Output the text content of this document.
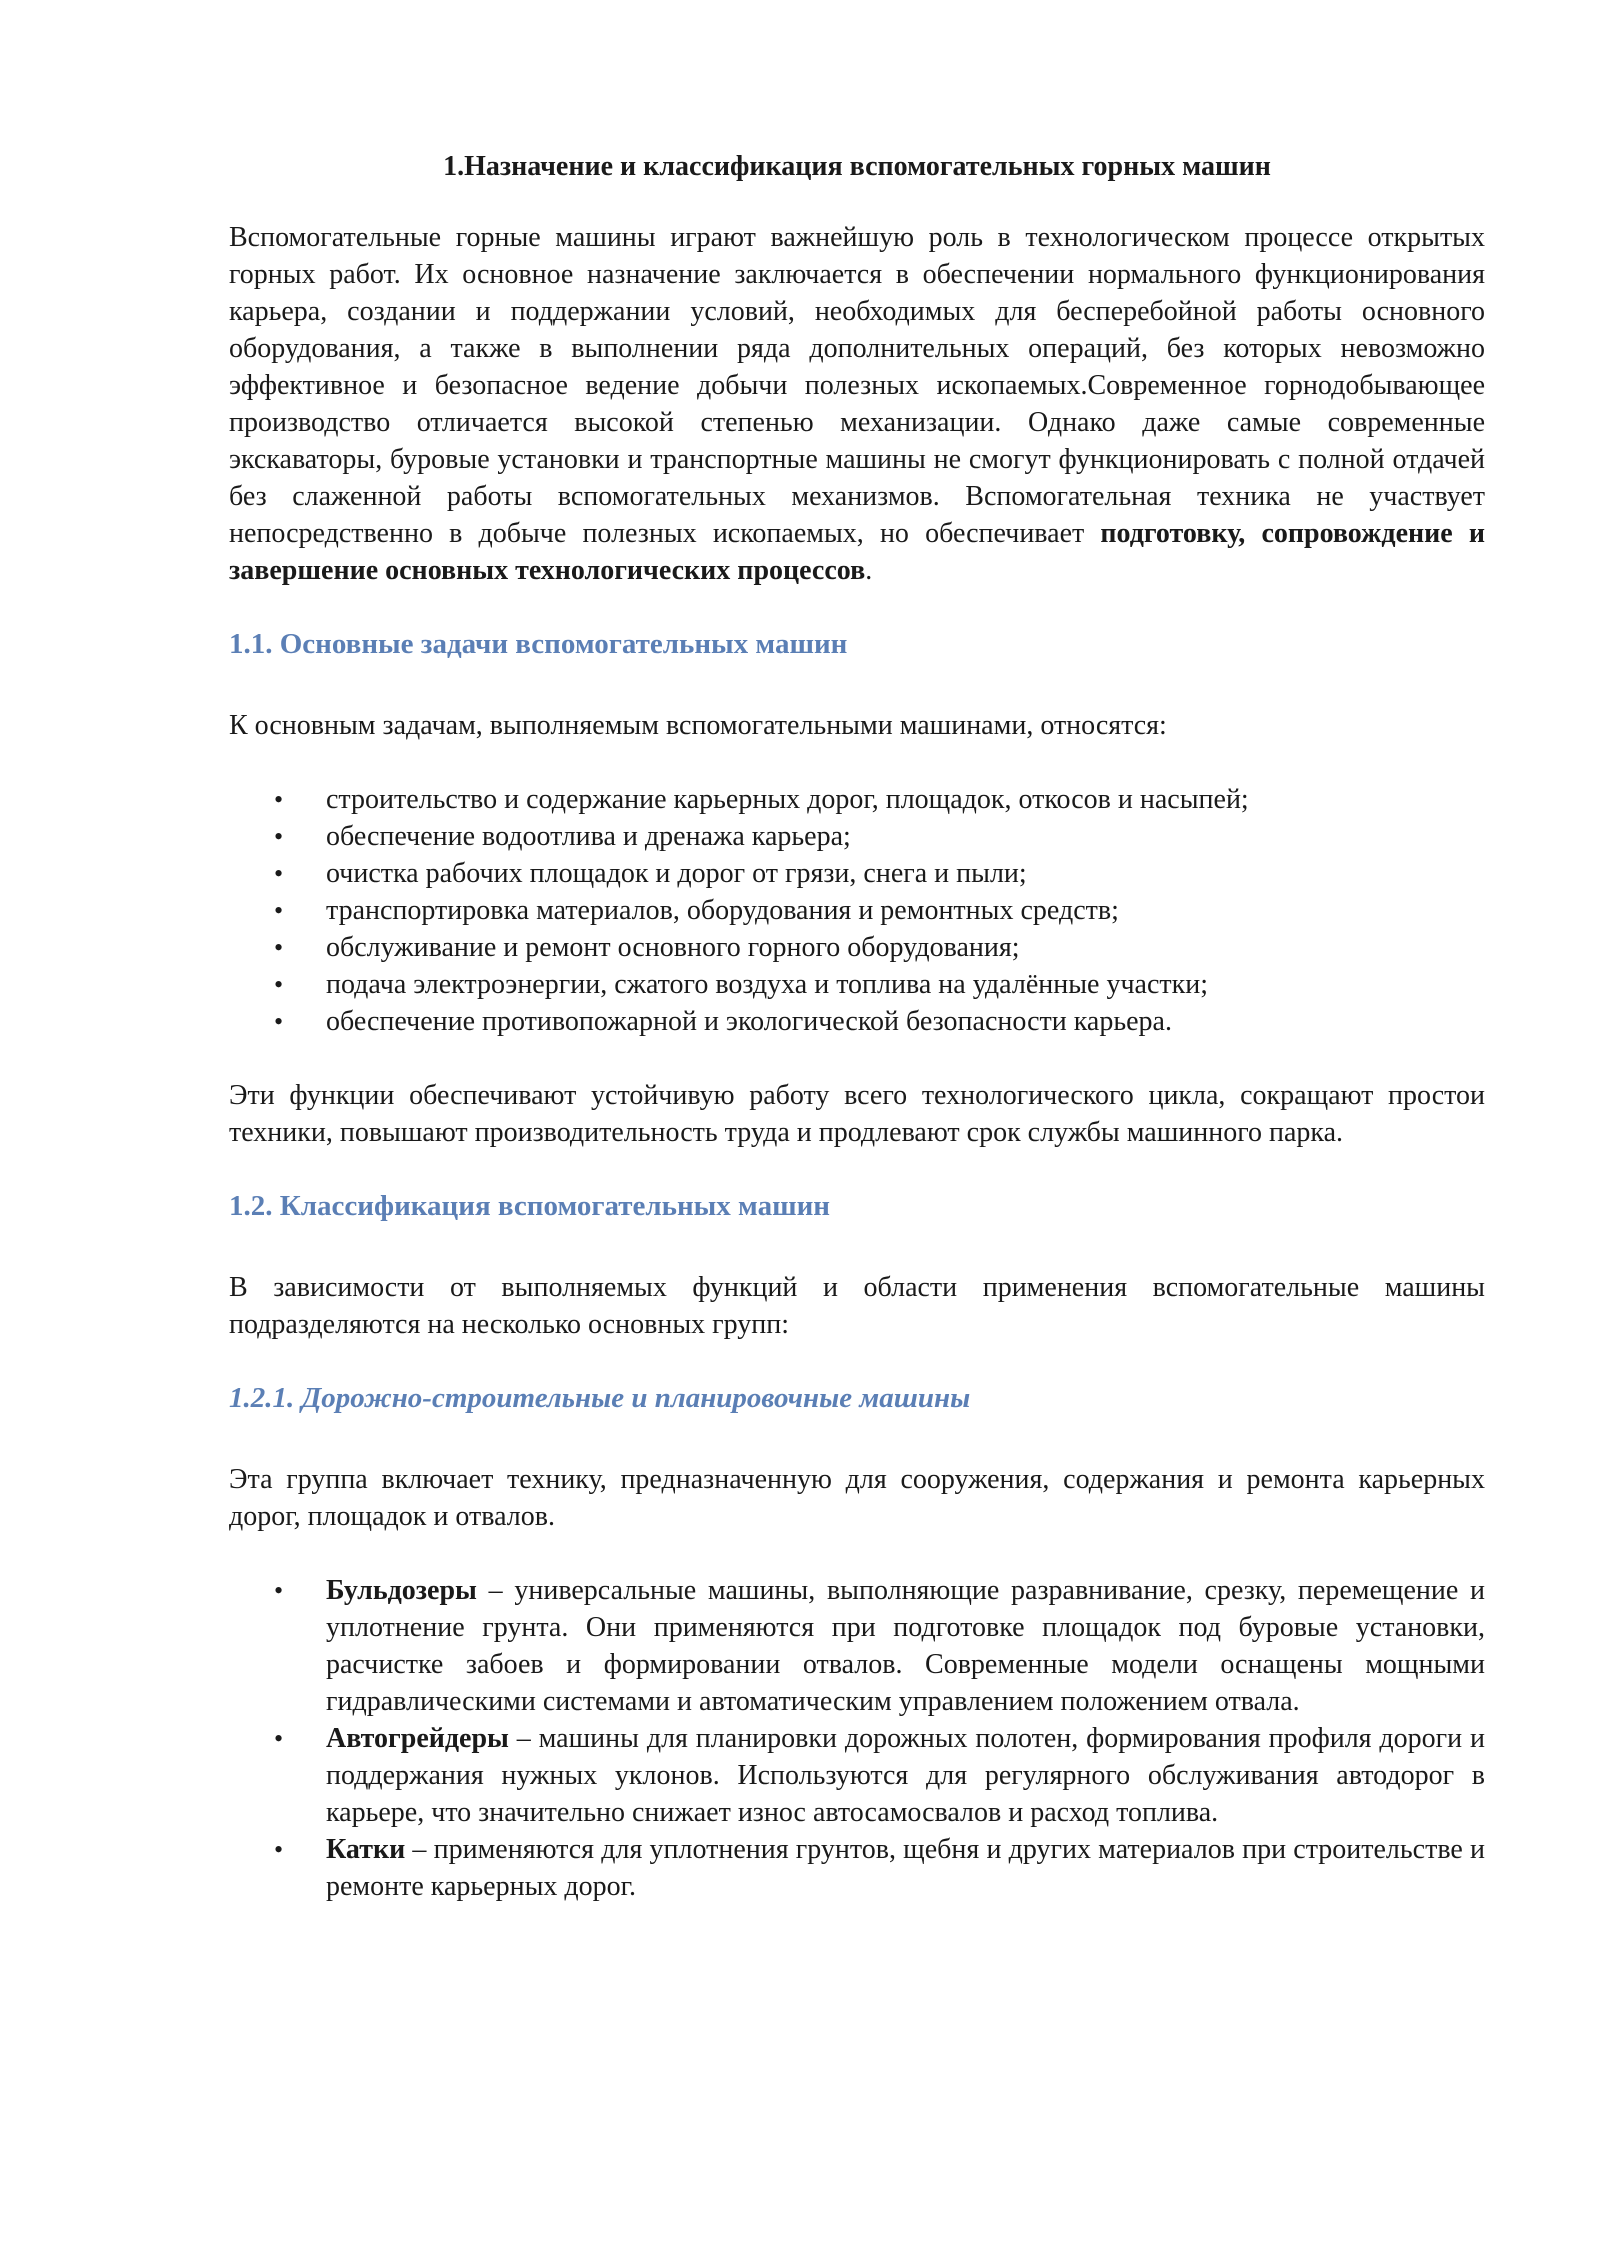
1.Назначение и классификация вспомогательных горных машин

Вспомогательные горные машины играют важнейшую роль в технологическом процессе открытых горных работ. Их основное назначение заключается в обеспечении нормального функционирования карьера, создании и поддержании условий, необходимых для бесперебойной работы основного оборудования, а также в выполнении ряда дополнительных операций, без которых невозможно эффективное и безопасное ведение добычи полезных ископаемых.Современное горнодобывающее производство отличается высокой степенью механизации. Однако даже самые современные экскаваторы, буровые установки и транспортные машины не смогут функционировать с полной отдачей без слаженной работы вспомогательных механизмов. Вспомогательная техника не участвует непосредственно в добыче полезных ископаемых, но обеспечивает подготовку, сопровождение и завершение основных технологических процессов.

1.1. Основные задачи вспомогательных машин

К основным задачам, выполняемым вспомогательными машинами, относятся:

• строительство и содержание карьерных дорог, площадок, откосов и насыпей;
• обеспечение водоотлива и дренажа карьера;
• очистка рабочих площадок и дорог от грязи, снега и пыли;
• транспортировка материалов, оборудования и ремонтных средств;
• обслуживание и ремонт основного горного оборудования;
• подача электроэнергии, сжатого воздуха и топлива на удалённые участки;
• обеспечение противопожарной и экологической безопасности карьера.

Эти функции обеспечивают устойчивую работу всего технологического цикла, сокращают простои техники, повышают производительность труда и продлевают срок службы машинного парка.

1.2. Классификация вспомогательных машин

В зависимости от выполняемых функций и области применения вспомогательные машины подразделяются на несколько основных групп:

1.2.1. Дорожно-строительные и планировочные машины

Эта группа включает технику, предназначенную для сооружения, содержания и ремонта карьерных дорог, площадок и отвалов.

• Бульдозеры – универсальные машины, выполняющие разравнивание, срезку, перемещение и уплотнение грунта. Они применяются при подготовке площадок под буровые установки, расчистке забоев и формировании отвалов. Современные модели оснащены мощными гидравлическими системами и автоматическим управлением положением отвала.
• Автогрейдеры – машины для планировки дорожных полотен, формирования профиля дороги и поддержания нужных уклонов. Используются для регулярного обслуживания автодорог в карьере, что значительно снижает износ автосамосвалов и расход топлива.
• Катки – применяются для уплотнения грунтов, щебня и других материалов при строительстве и ремонте карьерных дорог.
